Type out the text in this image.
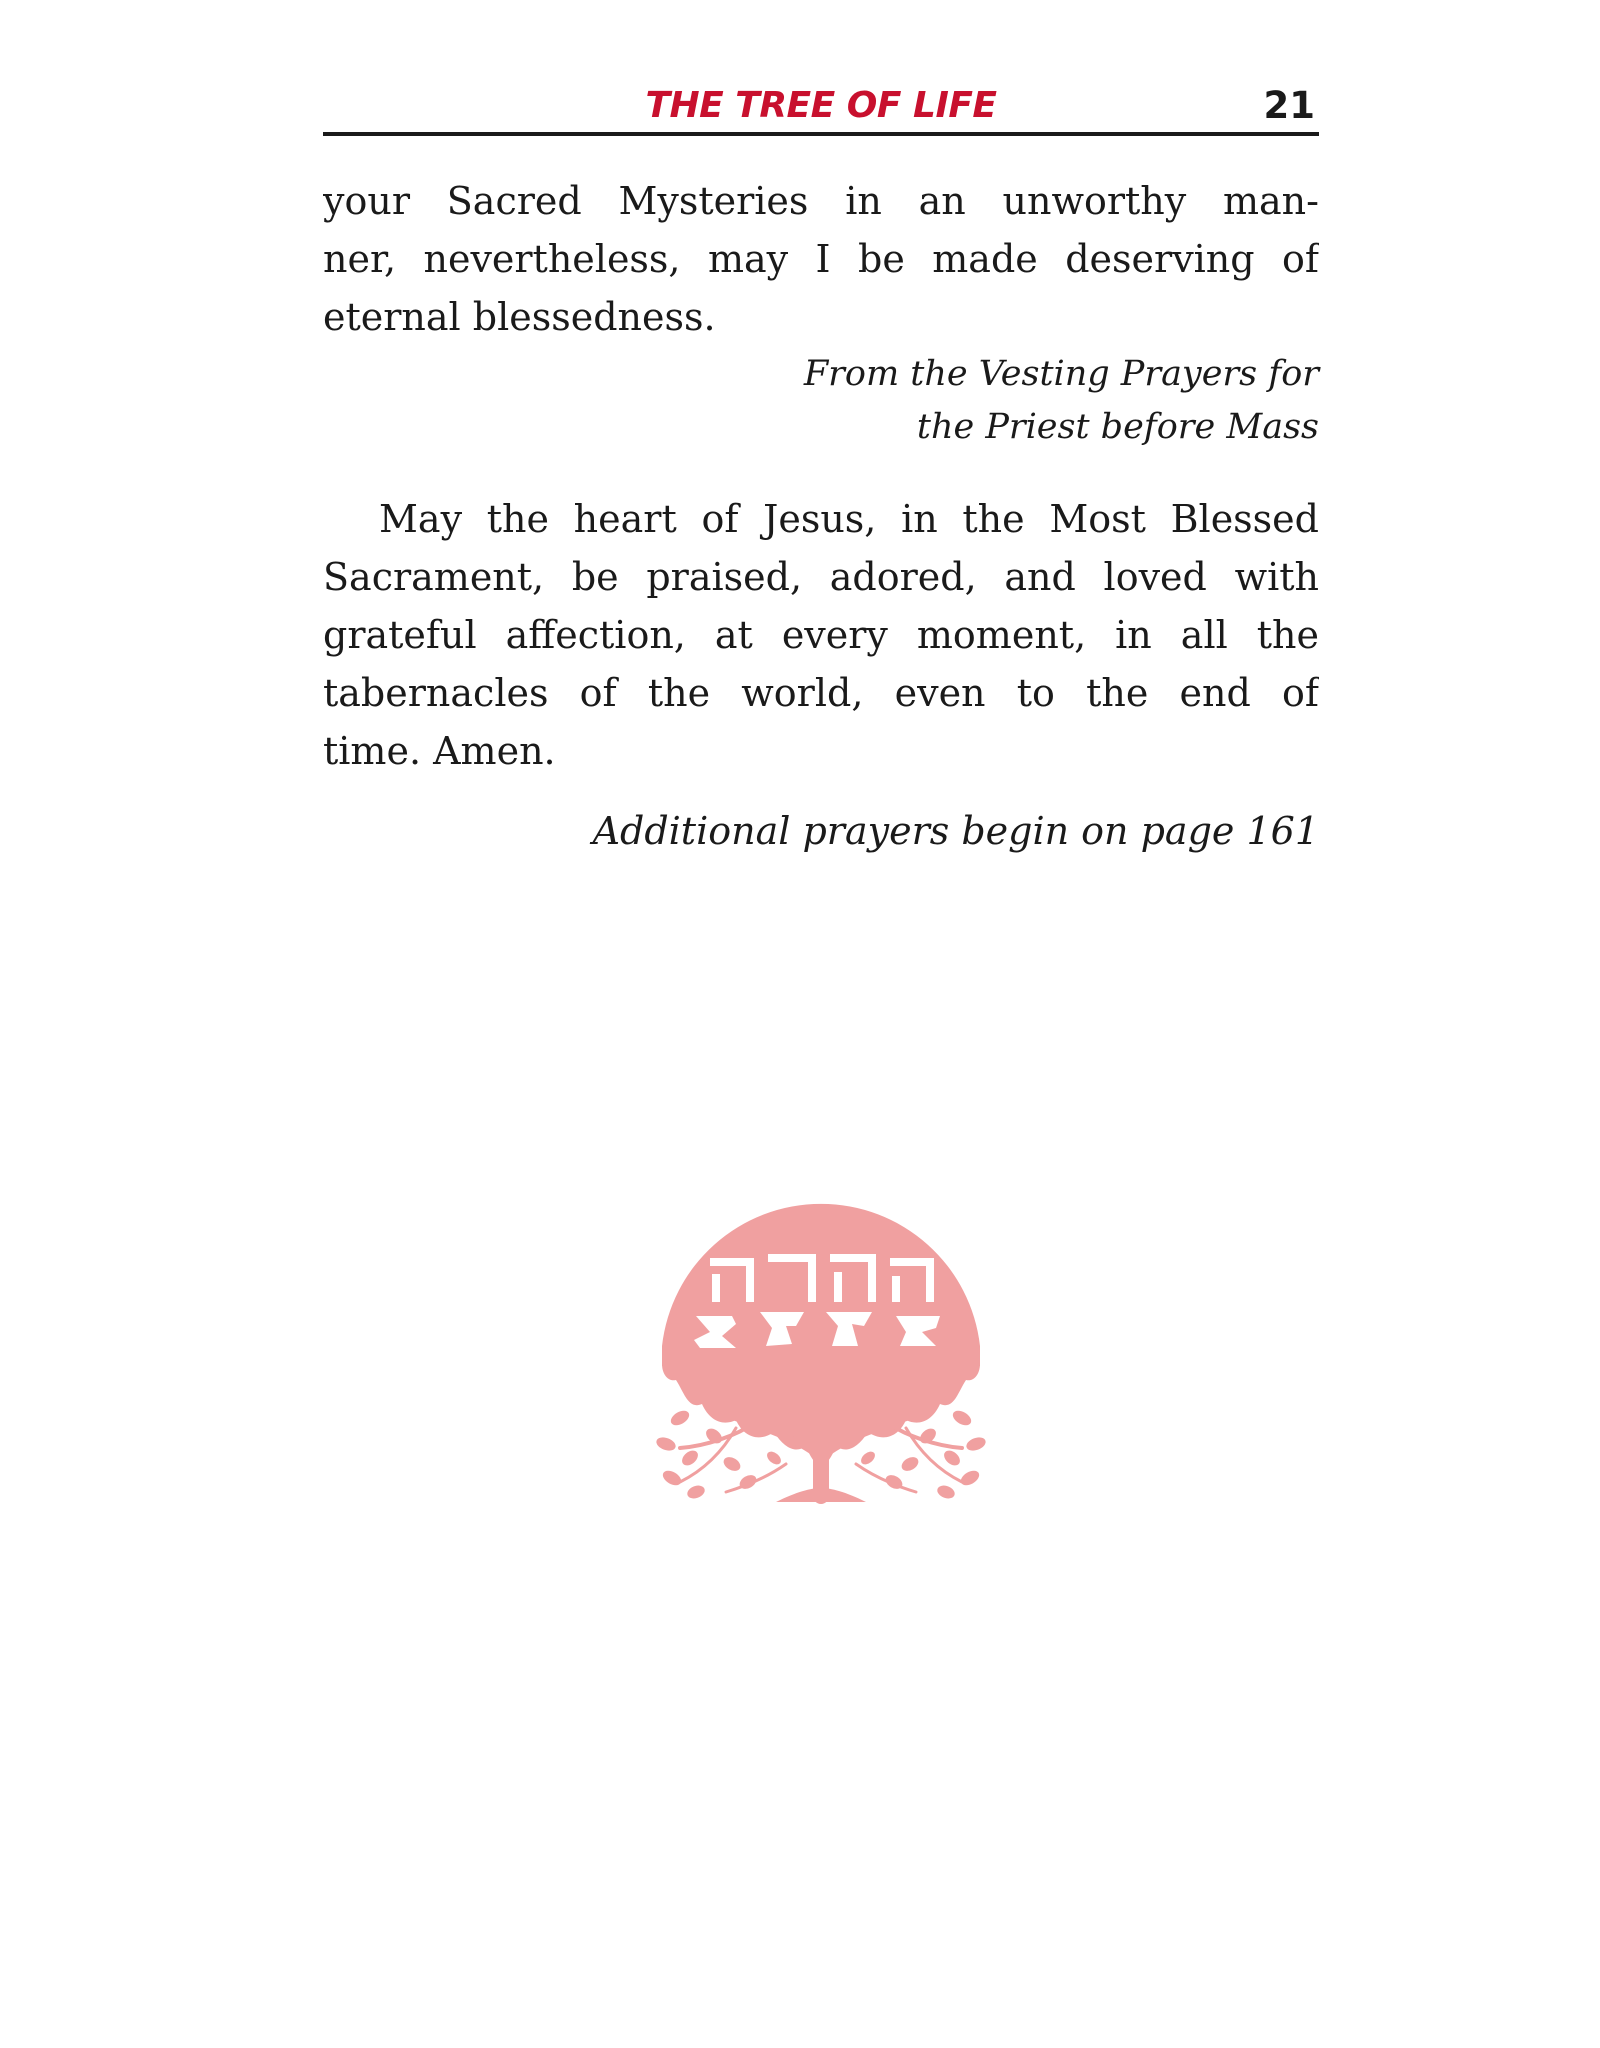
THE TREE OF LIFE	21
your Sacred Mysteries in an unworthy man-
ner, nevertheless, may I be made deserving of
eternal blessedness.
From the Vesting Prayers for
the Priest before Mass
May the heart of Jesus, in the Most Blessed
Sacrament, be praised, adored, and loved with
grateful affection, at every moment, in all the
tabernacles of the world, even to the end of
time. Amen.
Additional prayers begin on page 161
